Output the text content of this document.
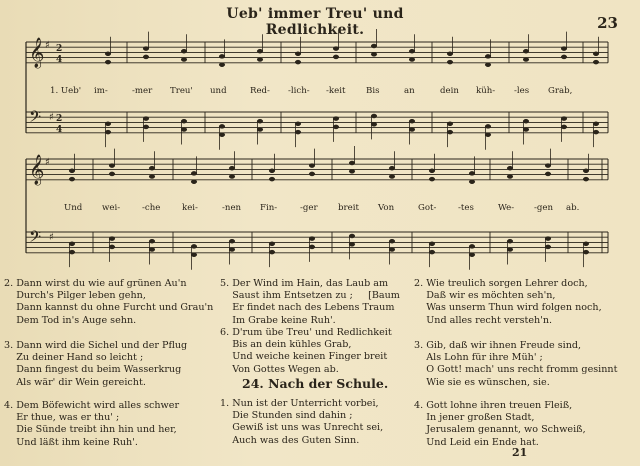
Ueb' immer Treu' und Redlichkeit.	23
𝄞 ♯ 2
4
𝄢 ♯ 2
4
𝄞 ♯
𝄢 ♯
1. Ueb' im-	-mer Treu' und	Red- -lich- -keit Bis	an	dein küh- -les Grab,
Und wei-	-che	kei-	-nen Fin-	-ger breit Von	Got-	-tes	We- -gen ab.
2. Dann wirst du wie auf grünen Au'n
Durch's Pilger leben gehn,
Dann kannst du ohne Furcht und Grau'n
Dem Tod in's Auge sehn.
3. Dann wird die Sichel und der Pflug
Zu deiner Hand so leicht ;
Dann fingest du beim Wasserkrug
Als wär' dir Wein gereicht.
4. Dem Böfewicht wird alles schwer
Er thue, was er thu' ;
Die Sünde treibt ihn hin und her,
Und läßt ihm keine Ruh'.
5. Der Wind im Hain, das Laub am
Saust ihm Entsetzen zu ;     [Baum
Er findet nach des Lebens Traum
Im Grabe keine Ruh'.
6. D'rum übe Treu' und Redlichkeit
Bis an dein kühles Grab,
Und weiche keinen Finger breit
Von Gottes Wegen ab.
24. Nach der Schule.
1. Nun ist der Unterricht vorbei,
Die Stunden sind dahin ;
Gewiß ist uns was Unrecht sei,
Auch was des Guten Sinn.
2. Wie treulich sorgen Lehrer doch,
Daß wir es möchten seh'n,
Was unserm Thun wird folgen noch,
Und alles recht versteh'n.
3. Gib, daß wir ihnen Freude sind,
Als Lohn für ihre Müh' ;
O Gott! mach' uns recht fromm gesinnt
Wie sie es wünschen, sie.
4. Gott lohne ihren treuen Fleiß,
In jener großen Stadt,
Jerusalem genannt, wo Schweiß,
Und Leid ein Ende hat.
21
